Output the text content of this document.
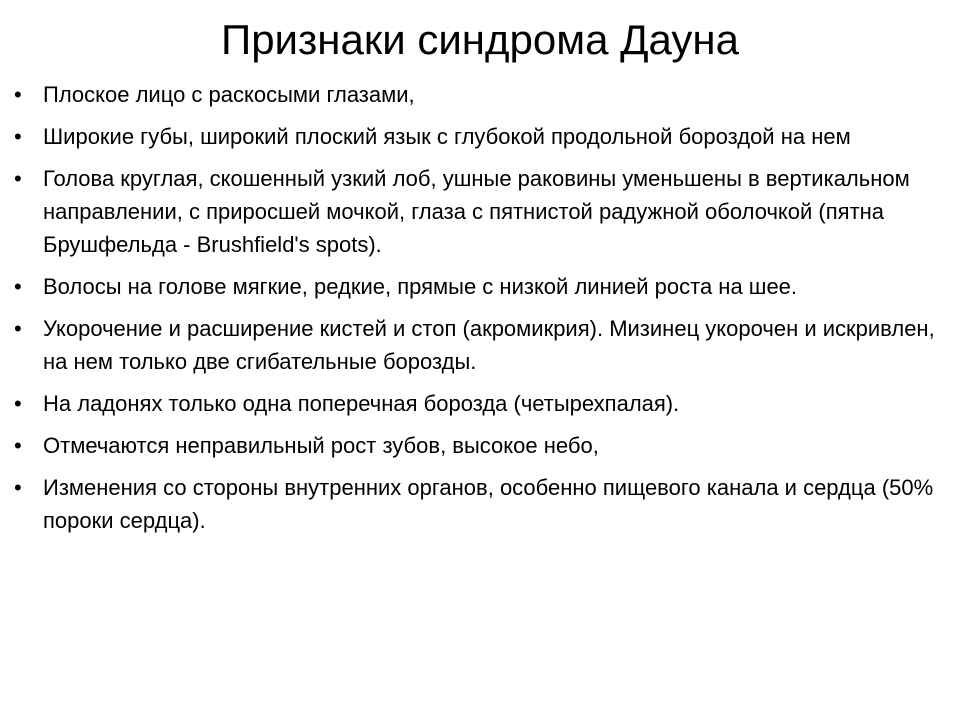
Признаки синдрома Дауна
• Плоское лицо с раскосыми глазами,
• Широкие губы, широкий плоский язык с глубокой продольной бороздой на нем
• Голова круглая, скошенный узкий лоб, ушные раковины уменьшены в вертикальном направлении, с приросшей мочкой, глаза с пятнистой радужной оболочкой (пятна Брушфельда - Brushfield's spots).
• Волосы на голове мягкие, редкие, прямые с низкой линией роста на шее.
• Укорочение и расширение кистей и стоп (акромикрия). Мизинец укорочен и искривлен, на нем только две сгибательные борозды.
• На ладонях только одна поперечная борозда (четырехпалая).
• Отмечаются неправильный рост зубов, высокое небо,
• Изменения со стороны внутренних органов, особенно пищевого канала и сердца (50% пороки сердца).
